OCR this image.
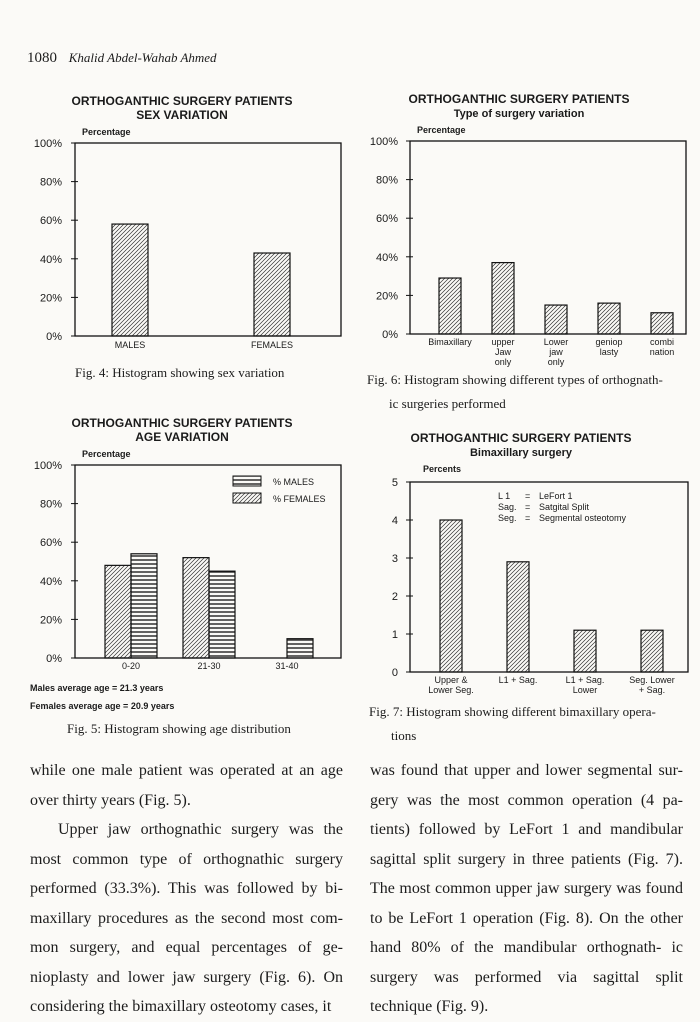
1080 Khalid Abdel-Wahab Ahmed
ORTHOGANTHIC SURGERY PATIENTS
SEX VARIATION
Percentage
0%
20%
40%
60%
80%
100%
MALES	FEMALES
Fig. 4: Histogram showing sex variation
ORTHOGANTHIC SURGERY PATIENTS
AGE VARIATION
Percentage
% MALES
% FEMALES
0%
20%
40%
60%
80%
100%
0-20	21-30	31-40
Males average age = 21.3 years
Females average age = 20.9 years
Fig. 5: Histogram showing age distribution
ORTHOGANTHIC SURGERY PATIENTS
Type of surgery variation
Percentage
0%
20%
40%
60%
80%
100%
Bimaxillary upper
Jaw
only
Lower
jaw
only
geniop
lasty
combi
nation
Fig. 6: Histogram showing different types of orthognath-
ic surgeries performed
ORTHOGANTHIC SURGERY PATIENTS
Bimaxillary surgery
Percents
L 1 = LeFort 1
Sag. = Satgital Split
Seg. = Segmental osteotomy
0
1
2
3
4
5
Upper &
Lower Seg.
L1 + Sag.	L1 + Sag.
Lower
Seg. Lower
+ Sag.
Fig. 7: Histogram showing different bimaxillary opera-
tions

while one male patient was operated at an age over thirty years (Fig. 5).

Upper jaw orthognathic surgery was the most common type of orthognathic surgery performed (33.3%). This was followed by bi- maxillary procedures as the second most com- mon surgery, and equal percentages of ge- nioplasty and lower jaw surgery (Fig. 6). On considering the bimaxillary osteotomy cases, it

was found that upper and lower segmental sur- gery was the most common operation (4 pa- tients) followed by LeFort 1 and mandibular sagittal split surgery in three patients (Fig. 7). The most common upper jaw surgery was found to be LeFort 1 operation (Fig. 8). On the other hand 80% of the mandibular orthognath- ic surgery was performed via sagittal split technique (Fig. 9).
